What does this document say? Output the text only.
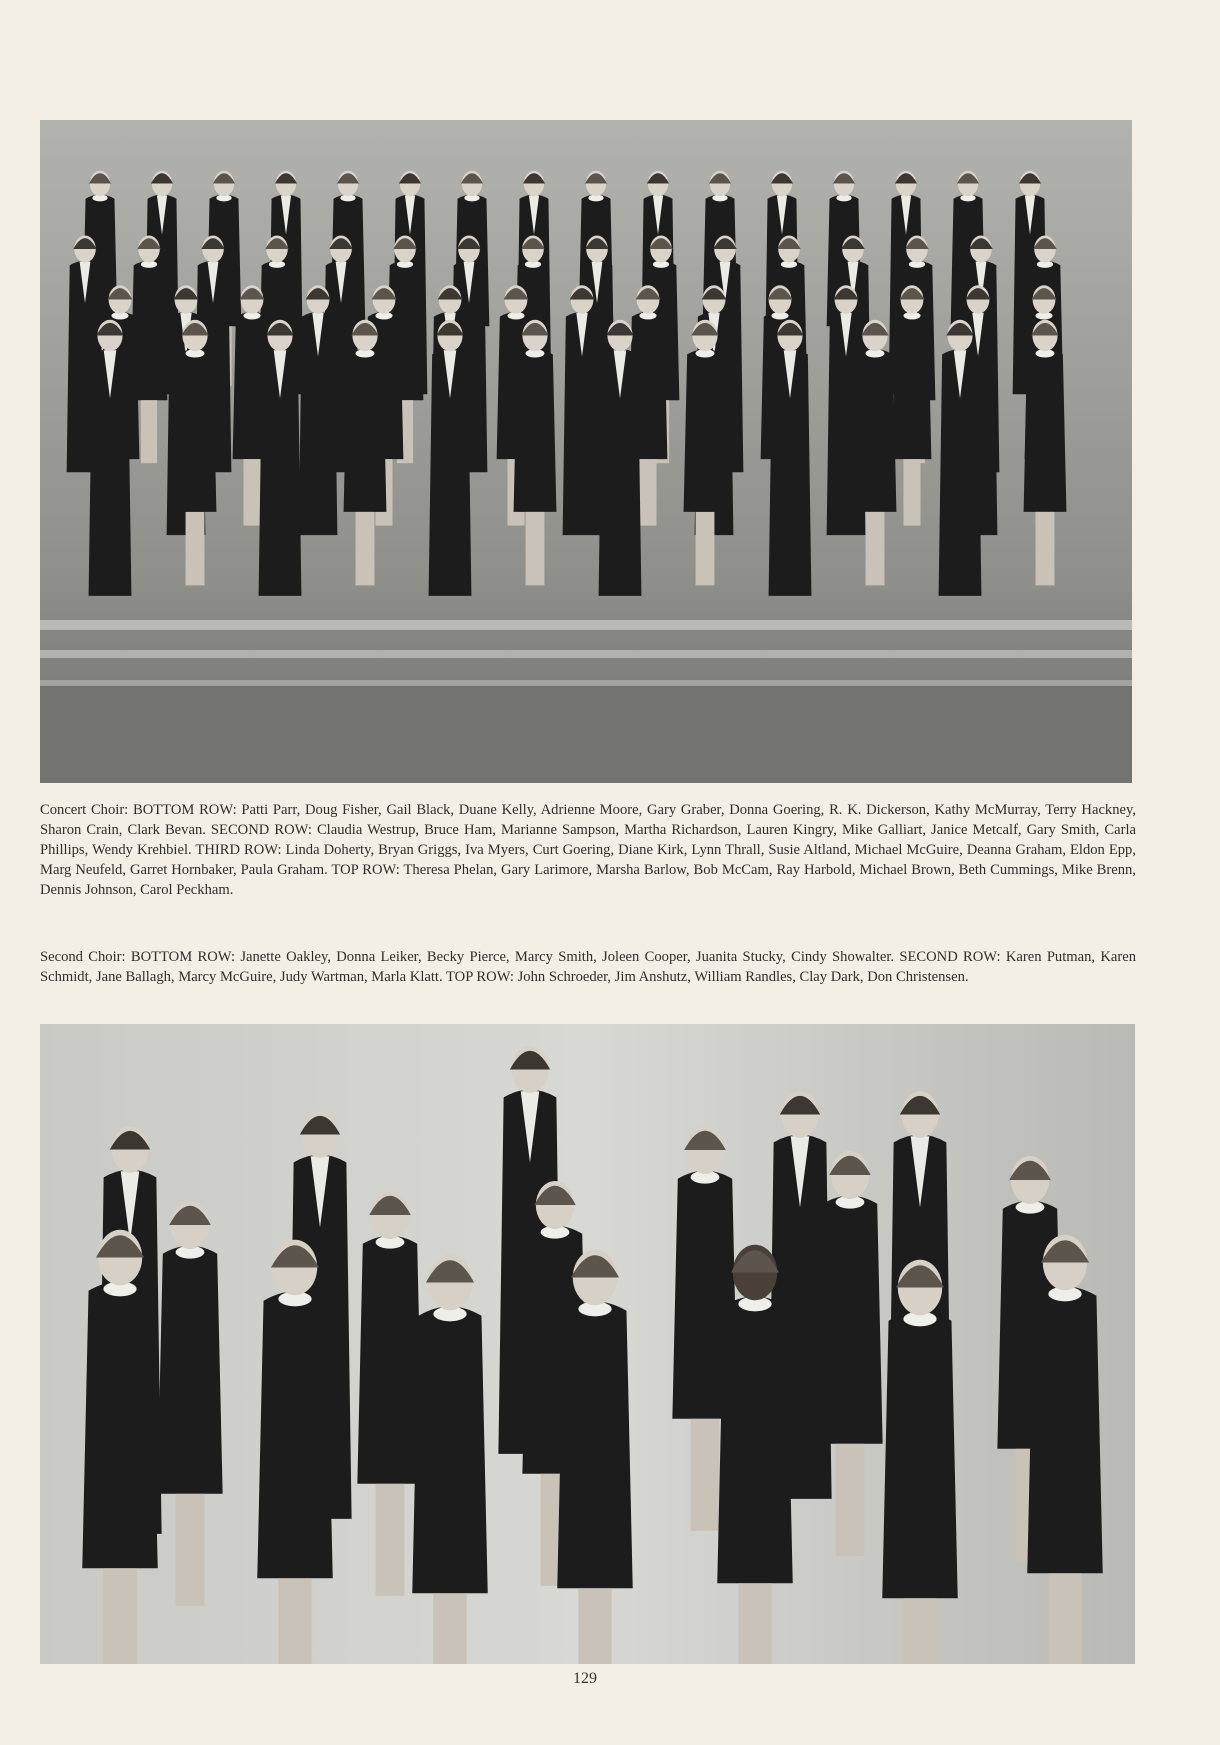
Concert Choir: BOTTOM ROW: Patti Parr, Doug Fisher, Gail Black, Duane Kelly, Adrienne Moore, Gary Graber, Donna Goering, R. K. Dickerson, Kathy McMurray, Terry Hackney, Sharon Crain, Clark Bevan. SECOND ROW: Claudia Westrup, Bruce Ham, Marianne Sampson, Martha Richardson, Lauren Kingry, Mike Galliart, Janice Metcalf, Gary Smith, Carla Phillips, Wendy Krehbiel. THIRD ROW: Linda Doherty, Bryan Griggs, Iva Myers, Curt Goering, Diane Kirk, Lynn Thrall, Susie Altland, Michael McGuire, Deanna Graham, Eldon Epp, Marg Neufeld, Garret Hornbaker, Paula Graham. TOP ROW: Theresa Phelan, Gary Larimore, Marsha Barlow, Bob McCam, Ray Harbold, Michael Brown, Beth Cummings, Mike Brenn, Dennis Johnson, Carol Peckham.

Second Choir: BOTTOM ROW: Janette Oakley, Donna Leiker, Becky Pierce, Marcy Smith, Joleen Cooper, Juanita Stucky, Cindy Showalter. SECOND ROW: Karen Putman, Karen Schmidt, Jane Ballagh, Marcy McGuire, Judy Wartman, Marla Klatt. TOP ROW: John Schroeder, Jim Anshutz, William Randles, Clay Dark, Don Christensen.

129
